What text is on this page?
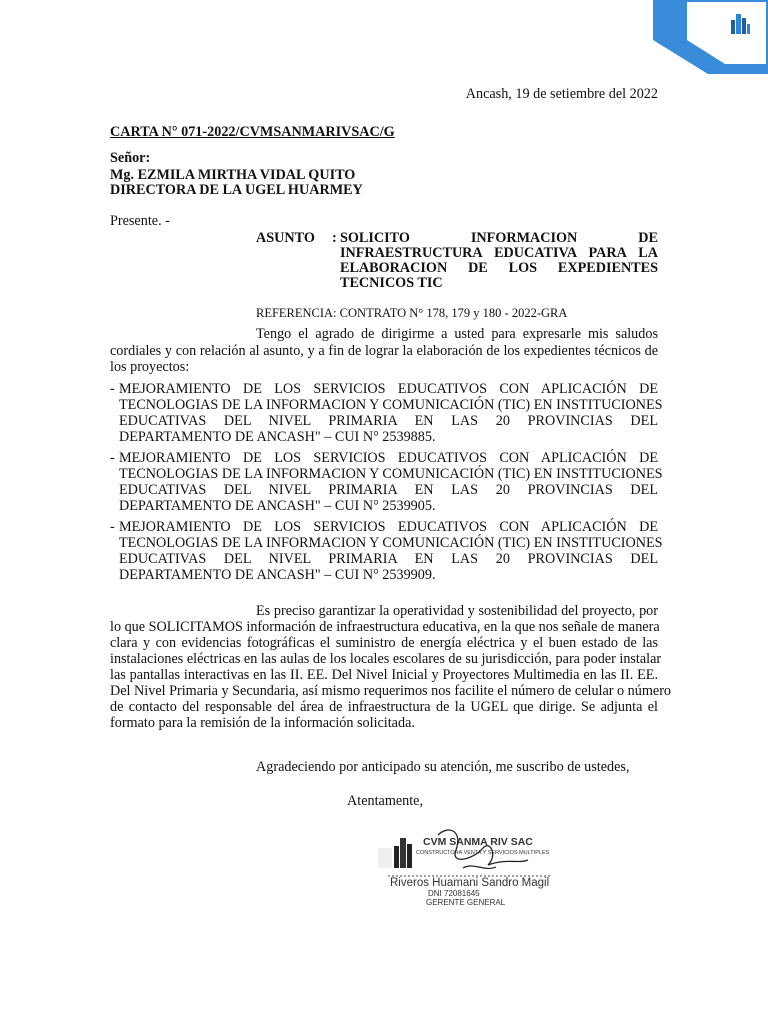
Ancash, 19 de setiembre del 2022
CARTA N° 071-2022/CVMSANMARIVSAC/G
Señor:
Mg. EZMILA MIRTHA VIDAL QUITO
DIRECTORA DE LA UGEL HUARMEY
Presente. -
ASUNTO : SOLICITO INFORMACION DE
INFRAESTRUCTURA EDUCATIVA PARA LA
ELABORACION DE LOS EXPEDIENTES
TECNICOS TIC
REFERENCIA: CONTRATO N° 178, 179 y 180 - 2022-GRA
Tengo el agrado de dirigirme a usted para expresarle mis saludos
cordiales y con relación al asunto, y a fin de lograr la elaboración de los expedientes técnicos de
los proyectos:
- MEJORAMIENTO DE LOS SERVICIOS EDUCATIVOS CON APLICACIÓN DE
TECNOLOGIAS DE LA INFORMACION Y COMUNICACIÓN (TIC) EN INSTITUCIONES
EDUCATIVAS DEL NIVEL PRIMARIA EN LAS 20 PROVINCIAS DEL
DEPARTAMENTO DE ANCASH" – CUI N° 2539885.
- MEJORAMIENTO DE LOS SERVICIOS EDUCATIVOS CON APLICACIÓN DE
TECNOLOGIAS DE LA INFORMACION Y COMUNICACIÓN (TIC) EN INSTITUCIONES
EDUCATIVAS DEL NIVEL PRIMARIA EN LAS 20 PROVINCIAS DEL
DEPARTAMENTO DE ANCASH" – CUI N° 2539905.
- MEJORAMIENTO DE LOS SERVICIOS EDUCATIVOS CON APLICACIÓN DE
TECNOLOGIAS DE LA INFORMACION Y COMUNICACIÓN (TIC) EN INSTITUCIONES
EDUCATIVAS DEL NIVEL PRIMARIA EN LAS 20 PROVINCIAS DEL
DEPARTAMENTO DE ANCASH" – CUI N° 2539909.
Es preciso garantizar la operatividad y sostenibilidad del proyecto, por
lo que SOLICITAMOS información de infraestructura educativa, en la que nos señale de manera
clara y con evidencias fotográficas el suministro de energía eléctrica y el buen estado de las
instalaciones eléctricas en las aulas de los locales escolares de su jurisdicción, para poder instalar
las pantallas interactivas en las II. EE. Del Nivel Inicial y Proyectores Multimedia en las II. EE.
Del Nivel Primaria y Secundaria, así mismo requerimos nos facilite el número de celular o número
de contacto del responsable del área de infraestructura de la UGEL que dirige. Se adjunta el
formato para la remisión de la información solicitada.
Agradeciendo por anticipado su atención, me suscribo de ustedes,
Atentamente,
CVM SANMA RIV SAC
CONSTRUCTORA VENTA Y SERVICIOS MULTIPLES
Riveros Huamani Sandro Magil
DNI 72081645
GERENTE GENERAL
